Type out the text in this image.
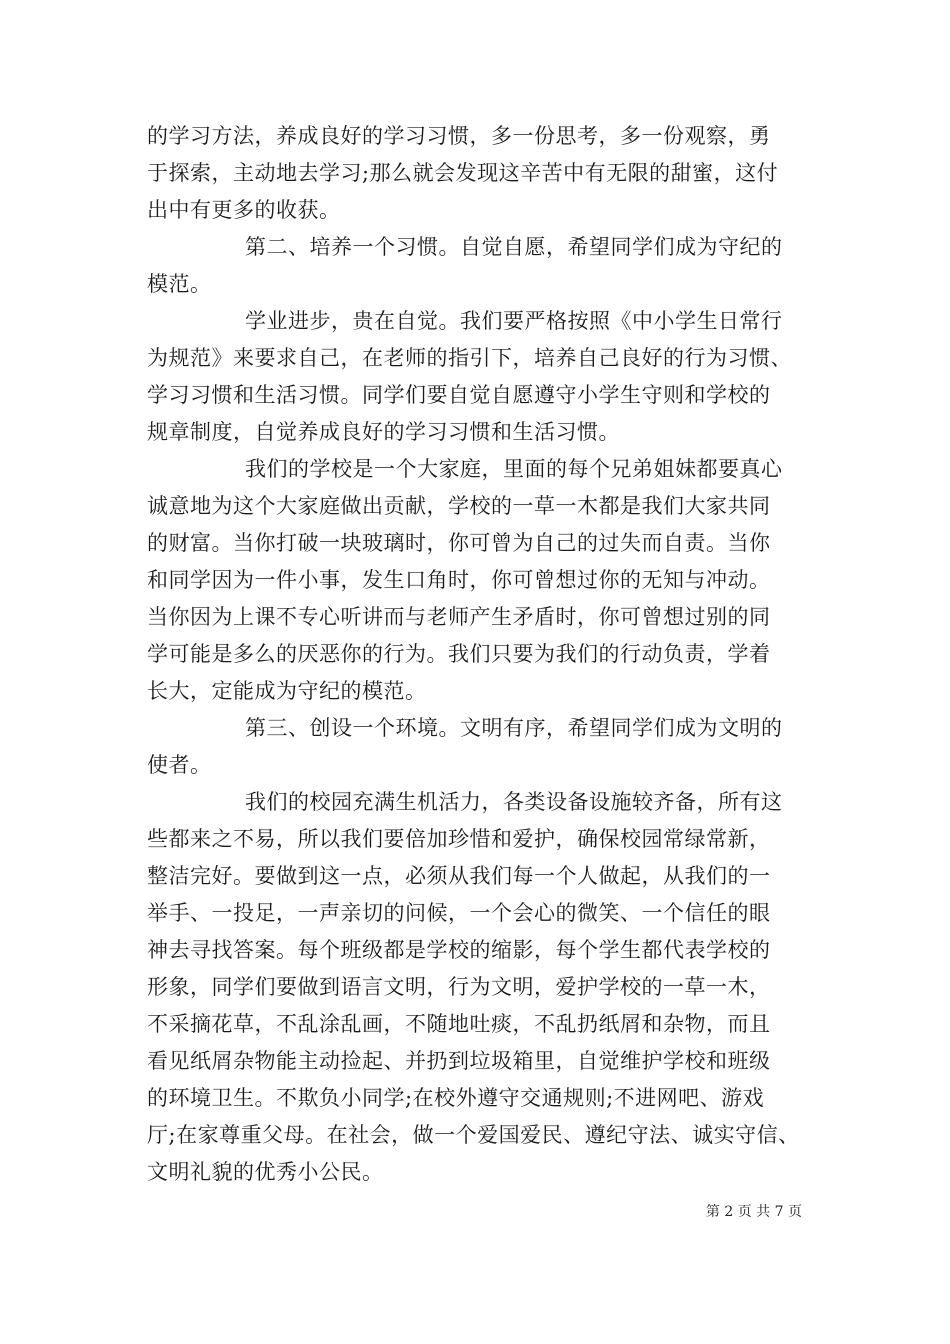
的学习方法，养成良好的学习习惯，多一份思考，多一份观察，勇
于探索，主动地去学习;那么就会发现这辛苦中有无限的甜蜜，这付
出中有更多的收获。
第二、培养一个习惯。自觉自愿，希望同学们成为守纪的
模范。
学业进步，贵在自觉。我们要严格按照《中小学生日常行
为规范》来要求自己，在老师的指引下，培养自己良好的行为习惯、
学习习惯和生活习惯。同学们要自觉自愿遵守小学生守则和学校的
规章制度，自觉养成良好的学习习惯和生活习惯。
我们的学校是一个大家庭，里面的每个兄弟姐妹都要真心
诚意地为这个大家庭做出贡献，学校的一草一木都是我们大家共同
的财富。当你打破一块玻璃时，你可曾为自己的过失而自责。当你
和同学因为一件小事，发生口角时，你可曾想过你的无知与冲动。
当你因为上课不专心听讲而与老师产生矛盾时，你可曾想过别的同
学可能是多么的厌恶你的行为。我们只要为我们的行动负责，学着
长大，定能成为守纪的模范。
第三、创设一个环境。文明有序，希望同学们成为文明的
使者。
我们的校园充满生机活力，各类设备设施较齐备，所有这
些都来之不易，所以我们要倍加珍惜和爱护，确保校园常绿常新，
整洁完好。要做到这一点，必须从我们每一个人做起，从我们的一
举手、一投足，一声亲切的问候，一个会心的微笑、一个信任的眼
神去寻找答案。每个班级都是学校的缩影，每个学生都代表学校的
形象，同学们要做到语言文明，行为文明，爱护学校的一草一木，
不采摘花草，不乱涂乱画，不随地吐痰，不乱扔纸屑和杂物，而且
看见纸屑杂物能主动捡起、并扔到垃圾箱里，自觉维护学校和班级
的环境卫生。不欺负小同学;在校外遵守交通规则;不进网吧、游戏
厅;在家尊重父母。在社会，做一个爱国爱民、遵纪守法、诚实守信、
文明礼貌的优秀小公民。
第 2 页 共 7 页
